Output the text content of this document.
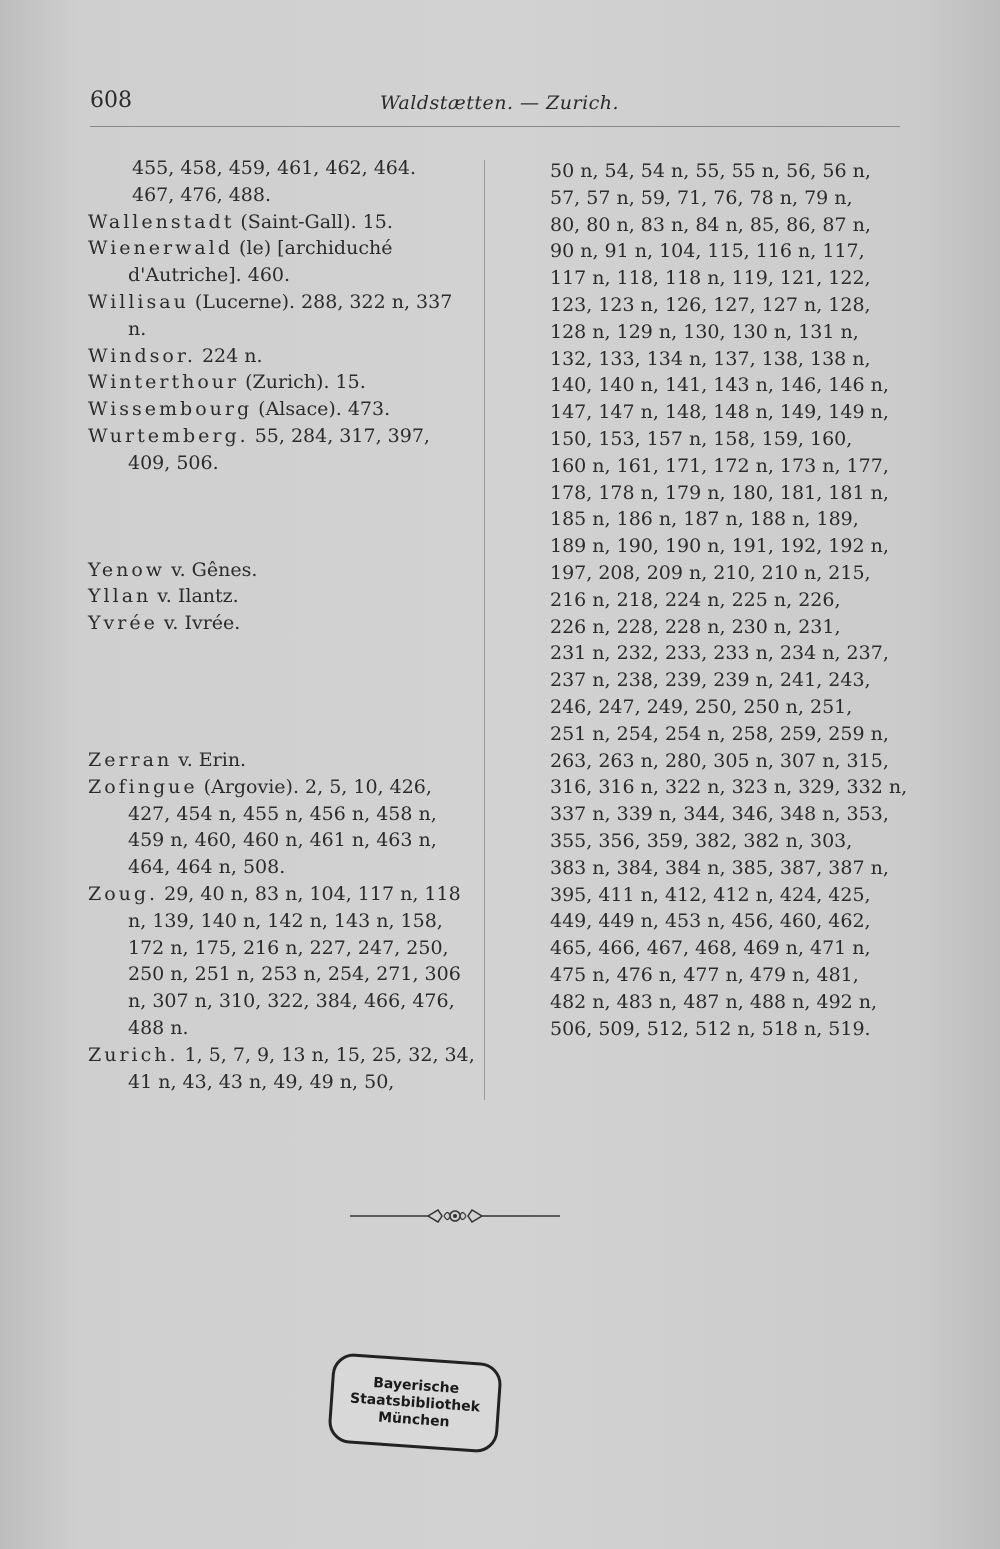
608	Waldstætten. — Zurich.

455, 458, 459, 461, 462, 464.

467, 476, 488.

Wallenstadt (Saint-Gall). 15.

Wienerwald (le) [archiduché d'Autriche]. 460.

Willisau (Lucerne). 288, 322 n, 337 n.

Windsor. 224 n.

Winterthour (Zurich). 15.

Wissembourg (Alsace). 473.

Wurtemberg. 55, 284, 317, 397, 409, 506.

Yenow v. Gênes.

Yllan v. Ilantz.

Yvrée v. Ivrée.

Zerran v. Erin.

Zofingue (Argovie). 2, 5, 10, 426, 427, 454 n, 455 n, 456 n, 458 n, 459 n, 460, 460 n, 461 n, 463 n, 464, 464 n, 508.

Zoug. 29, 40 n, 83 n, 104, 117 n, 118 n, 139, 140 n, 142 n, 143 n, 158, 172 n, 175, 216 n, 227, 247, 250, 250 n, 251 n, 253 n, 254, 271, 306 n, 307 n, 310, 322, 384, 466, 476, 488 n.

Zurich. 1, 5, 7, 9, 13 n, 15, 25, 32, 34, 41 n, 43, 43 n, 49, 49 n, 50,

50 n, 54, 54 n, 55, 55 n, 56, 56 n,
57, 57 n, 59, 71, 76, 78 n, 79 n,
80, 80 n, 83 n, 84 n, 85, 86, 87 n,
90 n, 91 n, 104, 115, 116 n, 117,
117 n, 118, 118 n, 119, 121, 122,
123, 123 n, 126, 127, 127 n, 128,
128 n, 129 n, 130, 130 n, 131 n,
132, 133, 134 n, 137, 138, 138 n,
140, 140 n, 141, 143 n, 146, 146 n,
147, 147 n, 148, 148 n, 149, 149 n,
150, 153, 157 n, 158, 159, 160,
160 n, 161, 171, 172 n, 173 n, 177,
178, 178 n, 179 n, 180, 181, 181 n,
185 n, 186 n, 187 n, 188 n, 189,
189 n, 190, 190 n, 191, 192, 192 n,
197, 208, 209 n, 210, 210 n, 215,
216 n, 218, 224 n, 225 n, 226,
226 n, 228, 228 n, 230 n, 231,
231 n, 232, 233, 233 n, 234 n, 237,
237 n, 238, 239, 239 n, 241, 243,
246, 247, 249, 250, 250 n, 251,
251 n, 254, 254 n, 258, 259, 259 n,
263, 263 n, 280, 305 n, 307 n, 315,
316, 316 n, 322 n, 323 n, 329, 332 n,
337 n, 339 n, 344, 346, 348 n, 353,
355, 356, 359, 382, 382 n, 303,
383 n, 384, 384 n, 385, 387, 387 n,
395, 411 n, 412, 412 n, 424, 425,
449, 449 n, 453 n, 456, 460, 462,
465, 466, 467, 468, 469 n, 471 n,
475 n, 476 n, 477 n, 479 n, 481,
482 n, 483 n, 487 n, 488 n, 492 n,
506, 509, 512, 512 n, 518 n, 519.
Bayerische
Staatsbibliothek
München
